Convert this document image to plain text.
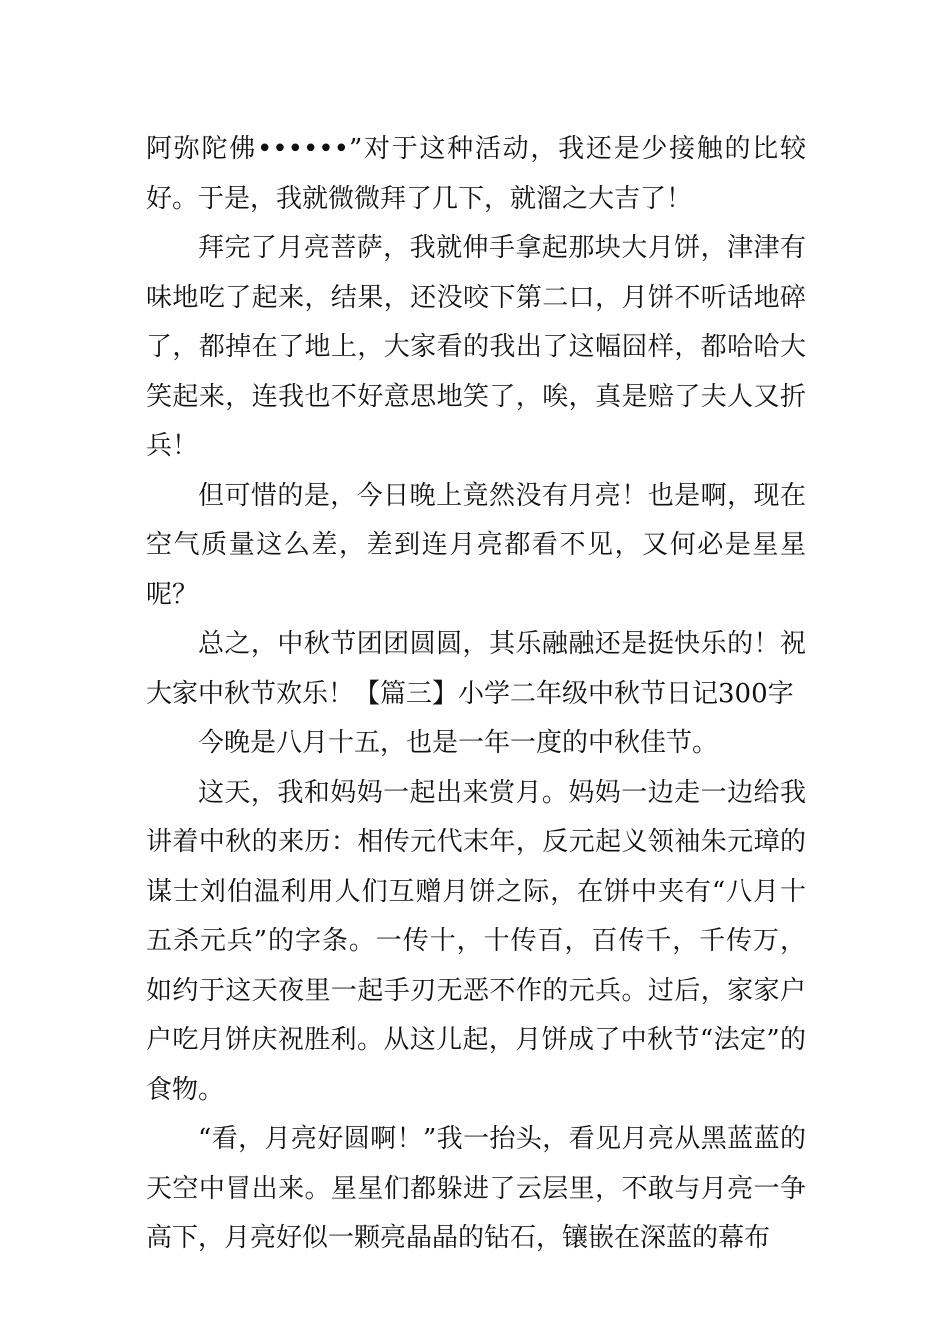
阿弥陀佛••••••”对于这种活动，我还是少接触的比较好。于是，我就微微拜了几下，就溜之大吉了！

拜完了月亮菩萨，我就伸手拿起那块大月饼，津津有味地吃了起来，结果，还没咬下第二口，月饼不听话地碎了，都掉在了地上，大家看的我出了这幅囧样，都哈哈大笑起来，连我也不好意思地笑了，唉，真是赔了夫人又折兵！

但可惜的是，今日晚上竟然没有月亮！也是啊，现在空气质量这么差，差到连月亮都看不见，又何必是星星呢？

总之，中秋节团团圆圆，其乐融融还是挺快乐的！祝大家中秋节欢乐！【篇三】小学二年级中秋节日记300字

今晚是八月十五，也是一年一度的中秋佳节。

这天，我和妈妈一起出来赏月。妈妈一边走一边给我讲着中秋的来历：相传元代末年，反元起义领袖朱元璋的谋士刘伯温利用人们互赠月饼之际，在饼中夹有“八月十五杀元兵”的字条。一传十，十传百，百传千，千传万，如约于这天夜里一起手刃无恶不作的元兵。过后，家家户户吃月饼庆祝胜利。从这儿起，月饼成了中秋节“法定”的食物。

“看，月亮好圆啊！”我一抬头，看见月亮从黑蓝蓝的天空中冒出来。星星们都躲进了云层里，不敢与月亮一争高下，月亮好似一颗亮晶晶的钻石，镶嵌在深蓝的幕布
